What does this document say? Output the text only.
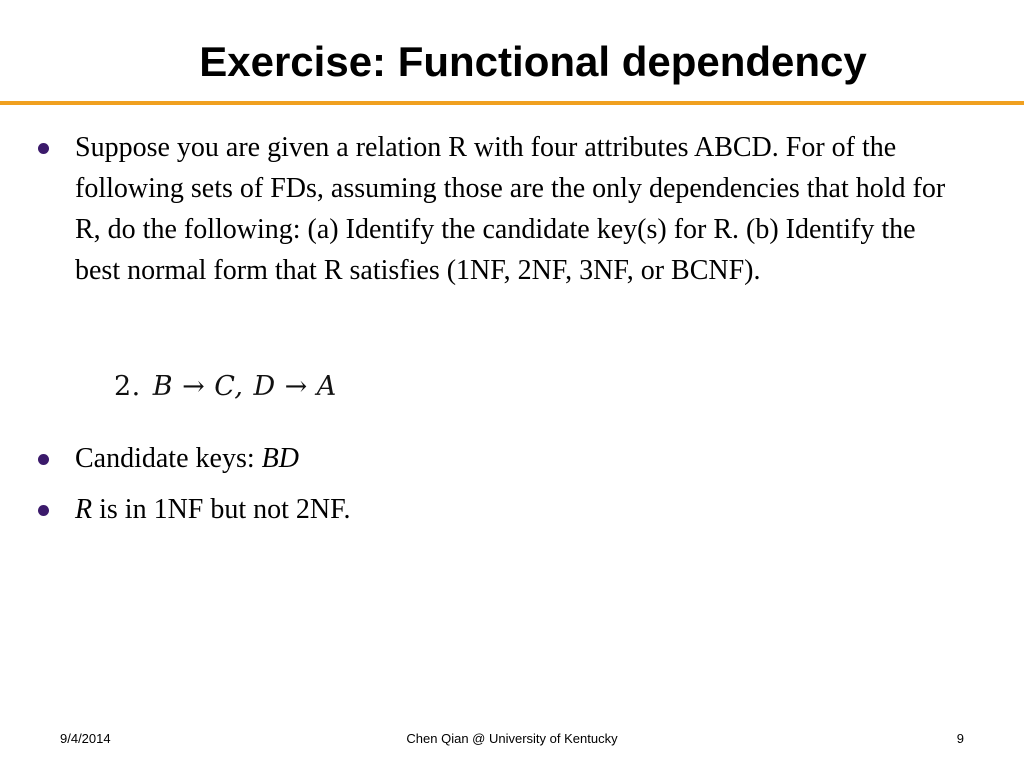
Exercise: Functional dependency
Suppose you are given a relation R with four attributes ABCD. For of the following sets of FDs, assuming those are the only dependencies that hold for R, do the following: (a) Identify the candidate key(s) for R. (b) Identify the best normal form that R satisfies (1NF, 2NF, 3NF, or BCNF).
2. B → C, D → A
Candidate keys: BD
R is in 1NF but not 2NF.
9/4/2014	Chen Qian @ University of Kentucky	9
